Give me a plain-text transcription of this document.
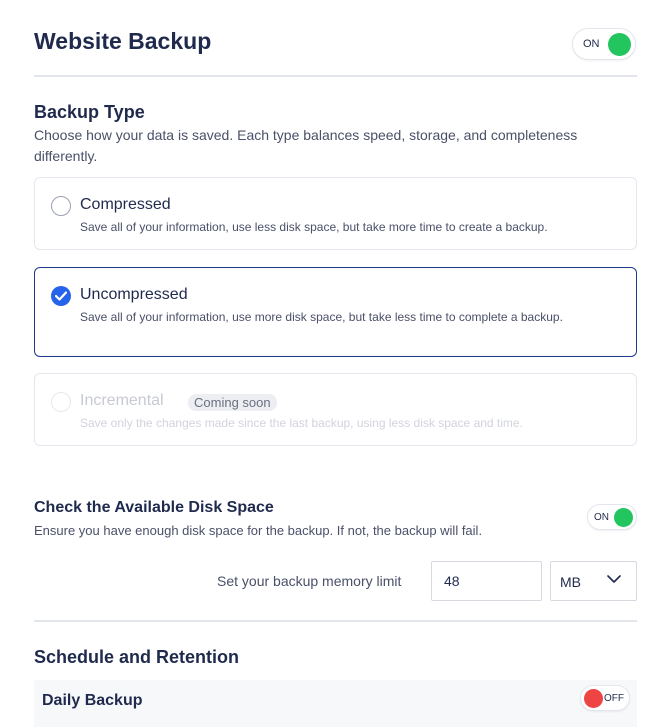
Website Backup	ON
Backup Type
Choose how your data is saved. Each type balances speed, storage, and completeness differently.
Compressed
Save all of your information, use less disk space, but take more time to create a backup.
Uncompressed
Save all of your information, use more disk space, but take less time to complete a backup.
Incremental	Coming soon
Save only the changes made since the last backup, using less disk space and time.
Check the Available Disk Space
Ensure you have enough disk space for the backup. If not, the backup will fail.
ON
Set your backup memory limit
48	MB
Schedule and Retention
Daily Backup	OFF
